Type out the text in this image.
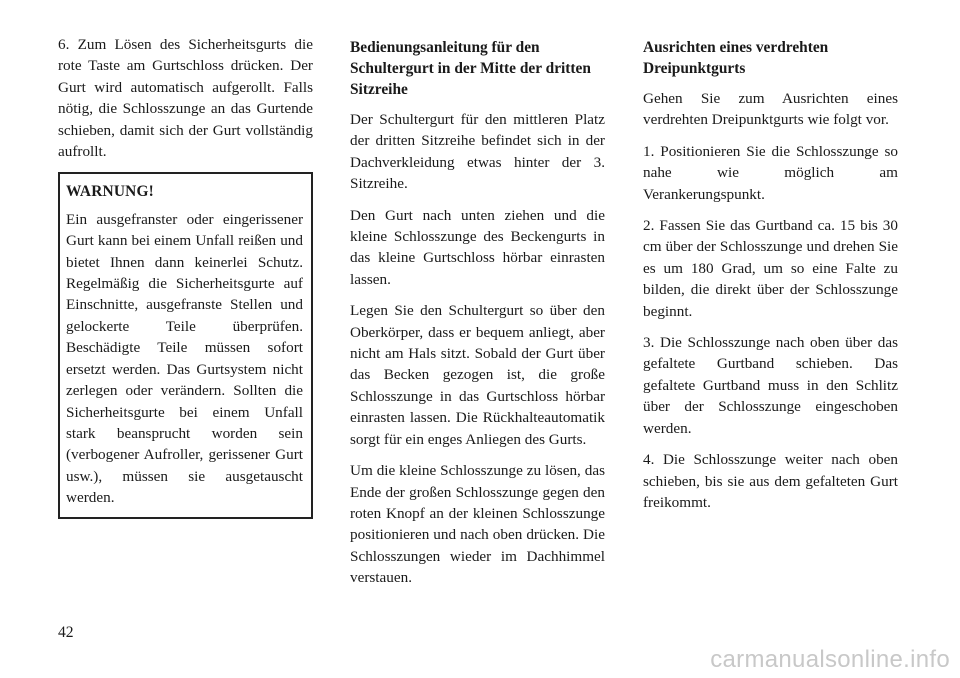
6. Zum Lösen des Sicherheitsgurts die rote Taste am Gurtschloss drücken. Der Gurt wird automatisch aufgerollt. Falls nötig, die Schlosszunge an das Gurtende schieben, damit sich der Gurt vollständig aufrollt.

WARNUNG!

Ein ausgefranster oder eingerissener Gurt kann bei einem Unfall reißen und bietet Ihnen dann keinerlei Schutz. Regelmäßig die Sicherheitsgurte auf Einschnitte, ausgefranste Stellen und gelockerte Teile überprüfen. Beschädigte Teile müssen sofort ersetzt werden. Das Gurtsystem nicht zerlegen oder verändern. Sollten die Sicherheitsgurte bei einem Unfall stark beansprucht worden sein (verbogener Aufroller, gerissener Gurt usw.), müssen sie ausgetauscht werden.

Bedienungsanleitung für den Schultergurt in der Mitte der dritten Sitzreihe

Der Schultergurt für den mittleren Platz der dritten Sitzreihe befindet sich in der Dachverkleidung etwas hinter der 3. Sitzreihe.

Den Gurt nach unten ziehen und die kleine Schlosszunge des Beckengurts in das kleine Gurtschloss hörbar einrasten lassen.

Legen Sie den Schultergurt so über den Oberkörper, dass er bequem anliegt, aber nicht am Hals sitzt. Sobald der Gurt über das Becken gezogen ist, die große Schlosszunge in das Gurtschloss hörbar einrasten lassen. Die Rückhalteautomatik sorgt für ein enges Anliegen des Gurts.

Um die kleine Schlosszunge zu lösen, das Ende der großen Schlosszunge gegen den roten Knopf an der kleinen Schlosszunge positionieren und nach oben drücken. Die Schlosszungen wieder im Dachhimmel verstauen.

Ausrichten eines verdrehten Dreipunktgurts

Gehen Sie zum Ausrichten eines verdrehten Dreipunktgurts wie folgt vor.

1. Positionieren Sie die Schlosszunge so nahe wie möglich am Verankerungspunkt.

2. Fassen Sie das Gurtband ca. 15 bis 30 cm über der Schlosszunge und drehen Sie es um 180 Grad, um so eine Falte zu bilden, die direkt über der Schlosszunge beginnt.

3. Die Schlosszunge nach oben über das gefaltete Gurtband schieben. Das gefaltete Gurtband muss in den Schlitz über der Schlosszunge eingeschoben werden.

4. Die Schlosszunge weiter nach oben schieben, bis sie aus dem gefalteten Gurt freikommt.

42
carmanualsonline.info
